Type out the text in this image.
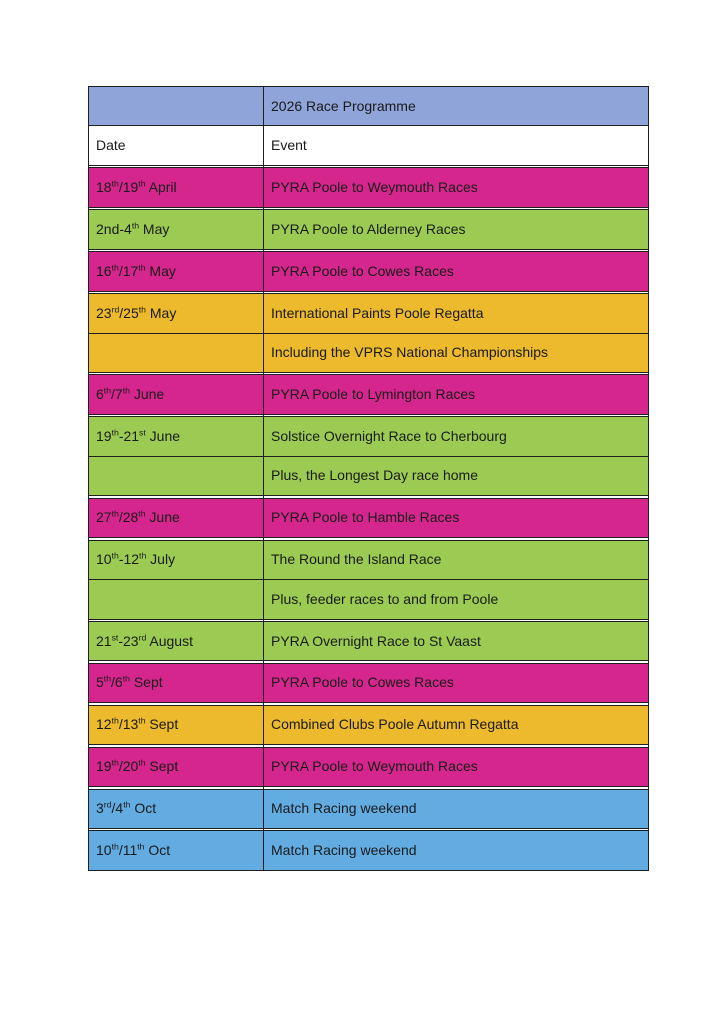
	2026 Race Programme
Date	Event

18th/19th April	PYRA Poole to Weymouth Races

2nd-4th May	PYRA Poole to Alderney Races

16th/17th May	PYRA Poole to Cowes Races

23rd/25th May	International Paints Poole Regatta
	Including the VPRS National Championships

6th/7th June	PYRA Poole to Lymington Races

19th-21st June	Solstice Overnight Race to Cherbourg
	Plus, the Longest Day race home

27th/28th June	PYRA Poole to Hamble Races

10th-12th July	The Round the Island Race
	Plus, feeder races to and from Poole

21st-23rd August	PYRA Overnight Race to St Vaast

5th/6th Sept	PYRA Poole to Cowes Races

12th/13th Sept	Combined Clubs Poole Autumn Regatta

19th/20th Sept	PYRA Poole to Weymouth Races

3rd/4th Oct	Match Racing weekend

10th/11th Oct	Match Racing weekend
